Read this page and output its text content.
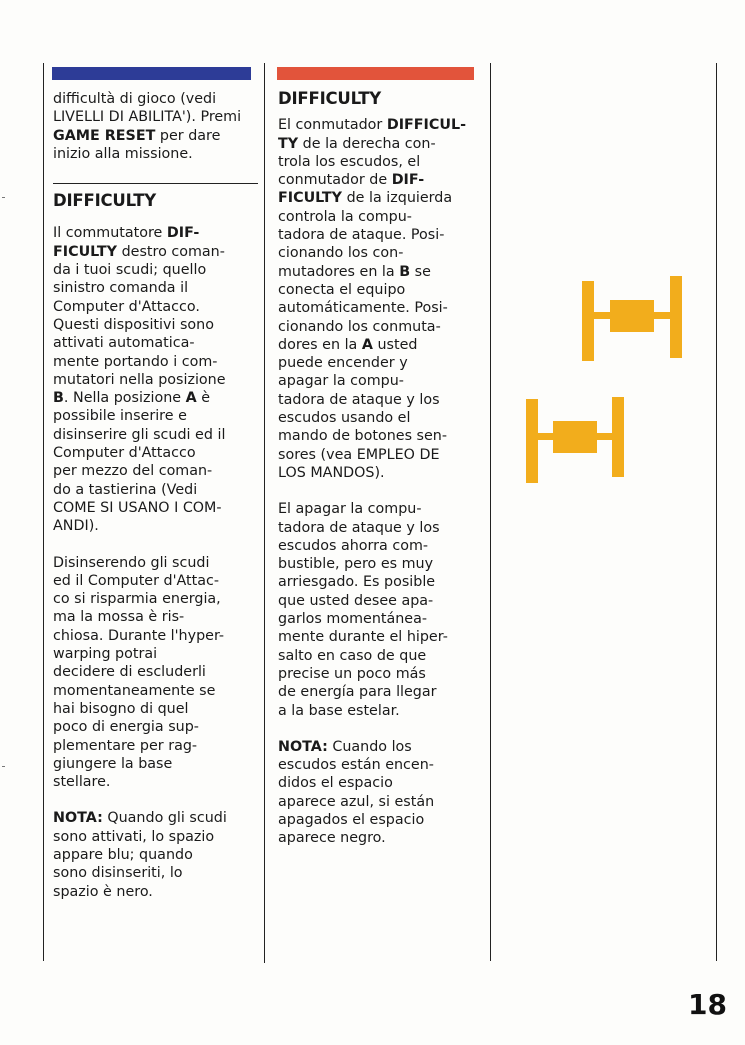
difficultà di gioco (vedi
LIVELLI DI ABILITA'). Premi
GAME RESET per dare
inizio alla missione.

DIFFICULTY

Il commutatore DIF-
FICULTY destro coman-
da i tuoi scudi; quello
sinistro comanda il
Computer d'Attacco.
Questi dispositivi sono
attivati automatica-
mente portando i com-
mutatori nella posizione
B. Nella posizione A è
possibile inserire e
disinserire gli scudi ed il
Computer d'Attacco
per mezzo del coman-
do a tastierina (Vedi
COME SI USANO I COM-
ANDI).

Disinserendo gli scudi
ed il Computer d'Attac-
co si risparmia energia,
ma la mossa è ris-
chiosa. Durante l'hyper-
warping potrai
decidere di escluderli
momentaneamente se
hai bisogno di quel
poco di energia sup-
plementare per rag-
giungere la base
stellare.

NOTA: Quando gli scudi
sono attivati, lo spazio
appare blu; quando
sono disinseriti, lo
spazio è nero.

DIFFICULTY

El conmutador DIFFICUL-
TY de la derecha con-
trola los escudos, el
conmutador de DIF-
FICULTY de la izquierda
controla la compu-
tadora de ataque. Posi-
cionando los con-
mutadores en la B se
conecta el equipo
automáticamente. Posi-
cionando los conmuta-
dores en la A usted
puede encender y
apagar la compu-
tadora de ataque y los
escudos usando el
mando de botones sen-
sores (vea EMPLEO DE
LOS MANDOS).

El apagar la compu-
tadora de ataque y los
escudos ahorra com-
bustible, pero es muy
arriesgado. Es posible
que usted desee apa-
garlos momentánea-
mente durante el hiper-
salto en caso de que
precise un poco más
de energía para llegar
a la base estelar.

NOTA: Cuando los
escudos están encen-
didos el espacio
aparece azul, si están
apagados el espacio
aparece negro.

18
